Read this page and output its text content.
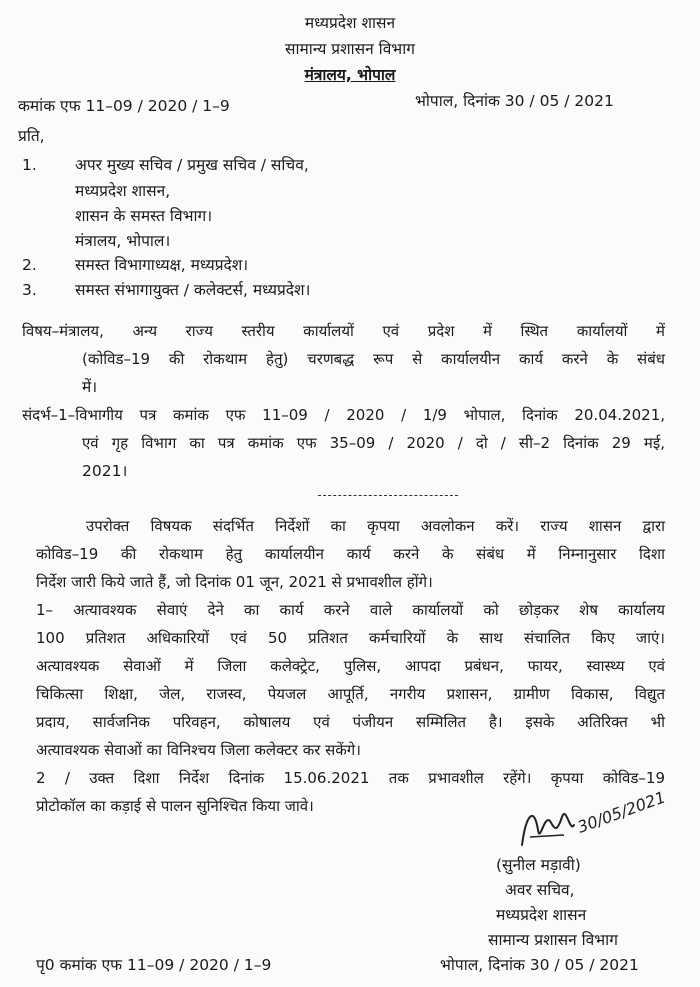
मध्यप्रदेश शासन
सामान्य प्रशासन विभाग
मंत्रालय, भोपाल
कमांक एफ 11–09 / 2020 / 1–9	भोपाल, दिनांक 30 / 05 / 2021
प्रति,
1. अपर मुख्य सचिव / प्रमुख सचिव / सचिव,
मध्यप्रदेश शासन,
शासन के समस्त विभाग।
मंत्रालय, भोपाल।
2. समस्त विभागाध्यक्ष, मध्यप्रदेश।
3. समस्त संभागायुक्त / कलेक्टर्स, मध्यप्रदेश।
विषय–मंत्रालय, अन्य राज्य स्तरीय कार्यालयों एवं प्रदेश में स्थित कार्यालयों में
(कोविड–19 की रोकथाम हेतु) चरणबद्ध रूप से कार्यालयीन कार्य करने के संबंध
में।
संदर्भ–1–विभागीय पत्र कमांक एफ 11–09 / 2020 / 1/9 भोपाल, दिनांक 20.04.2021,
एवं गृह विभाग का पत्र कमांक एफ 35–09 / 2020 / दो / सी–2 दिनांक 29 मई,
2021।
उपरोक्त विषयक संदर्भित निर्देशों का कृपया अवलोकन करें। राज्य शासन द्वारा
कोविड–19 की रोकथाम हेतु कार्यालयीन कार्य करने के संबंध में निम्नानुसार दिशा
निर्देश जारी किये जाते हैं, जो दिनांक 01 जून, 2021 से प्रभावशील होंगे।
1– अत्यावश्यक सेवाएं देने का कार्य करने वाले कार्यालयों को छोड़कर शेष कार्यालय
100 प्रतिशत अधिकारियों एवं 50 प्रतिशत कर्मचारियों के साथ संचालित किए जाएं।
अत्यावश्यक सेवाओं में जिला कलेक्ट्रेट, पुलिस, आपदा प्रबंधन, फायर, स्वास्थ्य एवं
चिकित्सा शिक्षा, जेल, राजस्व, पेयजल आपूर्ति, नगरीय प्रशासन, ग्रामीण विकास, विद्युत
प्रदाय, सार्वजनिक परिवहन, कोषालय एवं पंजीयन सम्मिलित है। इसके अतिरिक्त भी
अत्यावश्यक सेवाओं का विनिश्चय जिला कलेक्टर कर सकेंगे।
2 / उक्त दिशा निर्देश दिनांक 15.06.2021 तक प्रभावशील रहेंगे। कृपया कोविड–19
प्रोटोकॉल का कड़ाई से पालन सुनिश्चित किया जावे।	30/05/2021
(सुनील मड़ावी)
अवर सचिव,
मध्यप्रदेश शासन
सामान्य प्रशासन विभाग
पृ0 कमांक एफ 11–09 / 2020 / 1–9	भोपाल, दिनांक 30 / 05 / 2021
